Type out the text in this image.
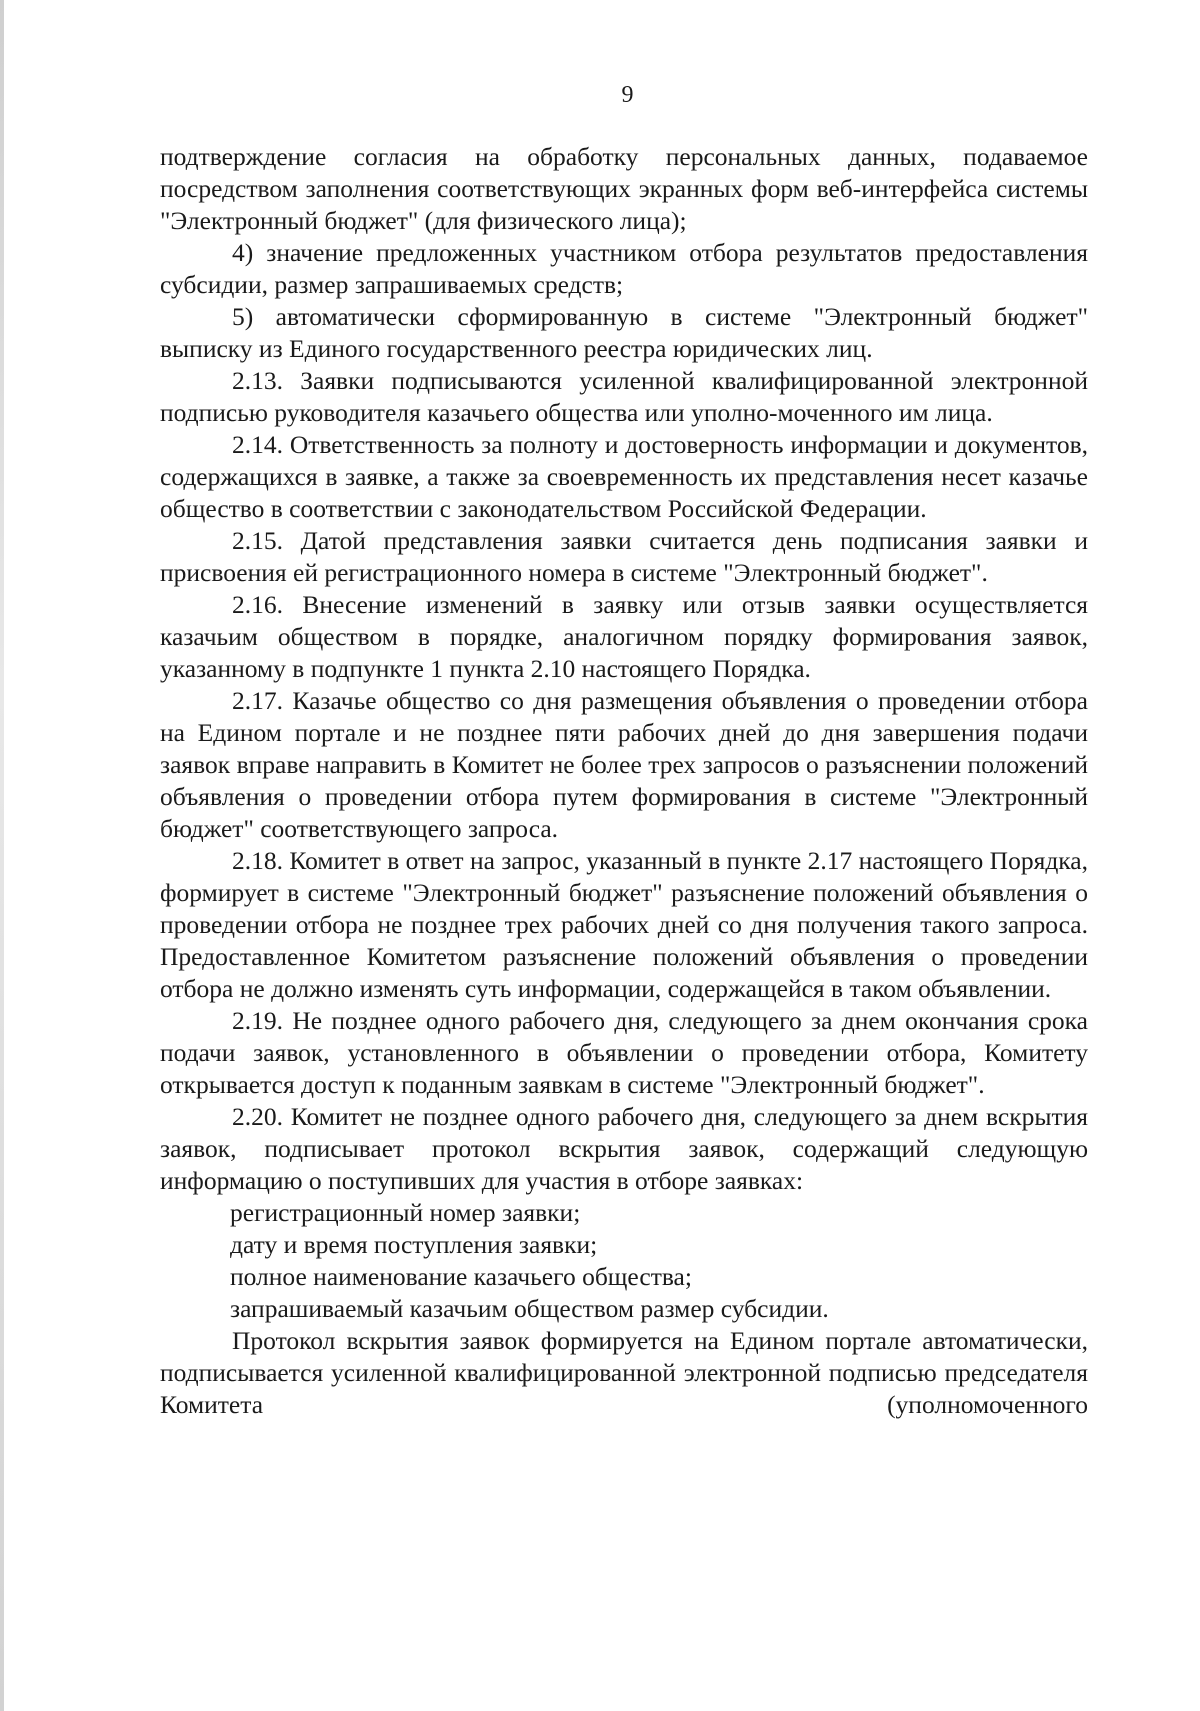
9

подтверждение согласия на обработку персональных данных, подаваемое посредством заполнения соответствующих экранных форм веб-интерфейса системы "Электронный бюджет" (для физического лица);

4) значение предложенных участником отбора результатов предоставления субсидии, размер запрашиваемых средств;

5) автоматически сформированную в системе "Электронный бюджет" выписку из Единого государственного реестра юридических лиц.

2.13. Заявки подписываются усиленной квалифицированной электронной подписью руководителя казачьего общества или уполно-моченного им лица.

2.14. Ответственность за полноту и достоверность информации и документов, содержащихся в заявке, а также за своевременность их представления несет казачье общество в соответствии с законодательством Российской Федерации.

2.15. Датой представления заявки считается день подписания заявки и присвоения ей регистрационного номера в системе "Электронный бюджет".

2.16. Внесение изменений в заявку или отзыв заявки осуществляется казачьим обществом в порядке, аналогичном порядку формирования заявок, указанному в подпункте 1 пункта 2.10 настоящего Порядка.

2.17. Казачье общество со дня размещения объявления о проведении отбора на Едином портале и не позднее пяти рабочих дней до дня завершения подачи заявок вправе направить в Комитет не более трех запросов о разъяснении положений объявления о проведении отбора путем формирования в системе "Электронный бюджет" соответствующего запроса.

2.18. Комитет в ответ на запрос, указанный в пункте 2.17 настоящего Порядка, формирует в системе "Электронный бюджет" разъяснение положений объявления о проведении отбора не позднее трех рабочих дней со дня получения такого запроса. Предоставленное Комитетом разъяснение положений объявления о проведении отбора не должно изменять суть информации, содержащейся в таком объявлении.

2.19. Не позднее одного рабочего дня, следующего за днем окончания срока подачи заявок, установленного в объявлении о проведении отбора, Комитету открывается доступ к поданным заявкам в системе "Электронный бюджет".

2.20. Комитет не позднее одного рабочего дня, следующего за днем вскрытия заявок, подписывает протокол вскрытия заявок, содержащий следующую информацию о поступивших для участия в отборе заявках:

регистрационный номер заявки;

дату и время поступления заявки;

полное наименование казачьего общества;

запрашиваемый казачьим обществом размер субсидии.

Протокол вскрытия заявок формируется на Едином портале автоматически, подписывается усиленной квалифицированной электронной подписью председателя Комитета (уполномоченного
